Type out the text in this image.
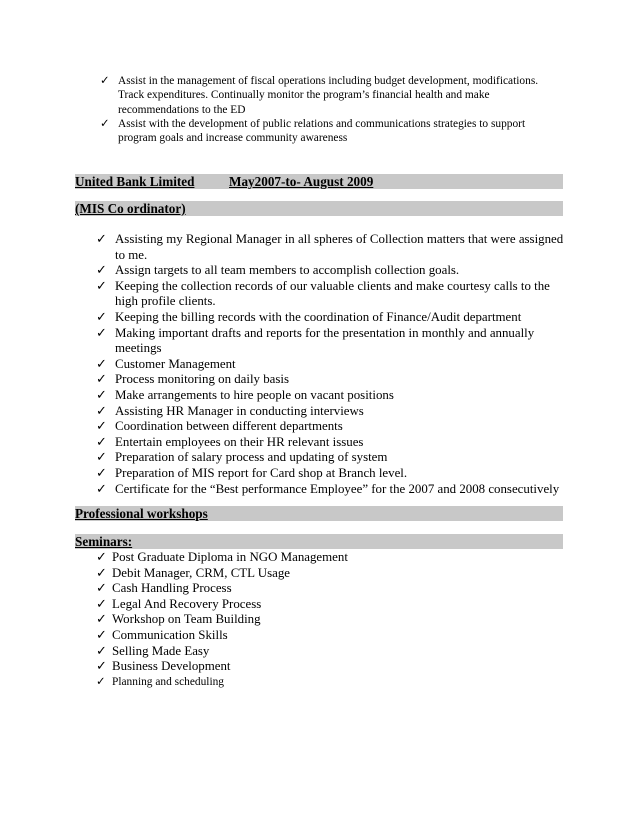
✓ Assist in the management of fiscal operations including budget development, modifications. Track expenditures. Continually monitor the program’s financial health and make recommendations to the ED
✓ Assist with the development of public relations and communications strategies to support program goals and increase community awareness
United Bank Limited	May2007-to- August 2009
(MIS Co ordinator)
✓ Assisting my Regional Manager in all spheres of Collection matters that were assigned to me.
✓ Assign targets to all team members to accomplish collection goals.
✓ Keeping the collection records of our valuable clients and make courtesy calls to the high profile clients.
✓ Keeping the billing records with the coordination of Finance/Audit department
✓ Making important drafts and reports for the presentation in monthly and annually meetings
✓ Customer Management
✓ Process monitoring on daily basis
✓ Make arrangements to hire people on vacant positions
✓ Assisting HR Manager in conducting interviews
✓ Coordination between different departments
✓ Entertain employees on their HR relevant issues
✓ Preparation of salary process and updating of system
✓ Preparation of MIS report for Card shop at Branch level.
✓ Certificate for the “Best performance Employee” for the 2007 and 2008 consecutively
Professional workshops
Seminars:
✓ Post Graduate Diploma in NGO Management
✓ Debit Manager, CRM, CTL Usage
✓ Cash Handling Process
✓ Legal And Recovery Process
✓ Workshop on Team Building
✓ Communication Skills
✓ Selling Made Easy
✓ Business Development
✓ Planning and scheduling
